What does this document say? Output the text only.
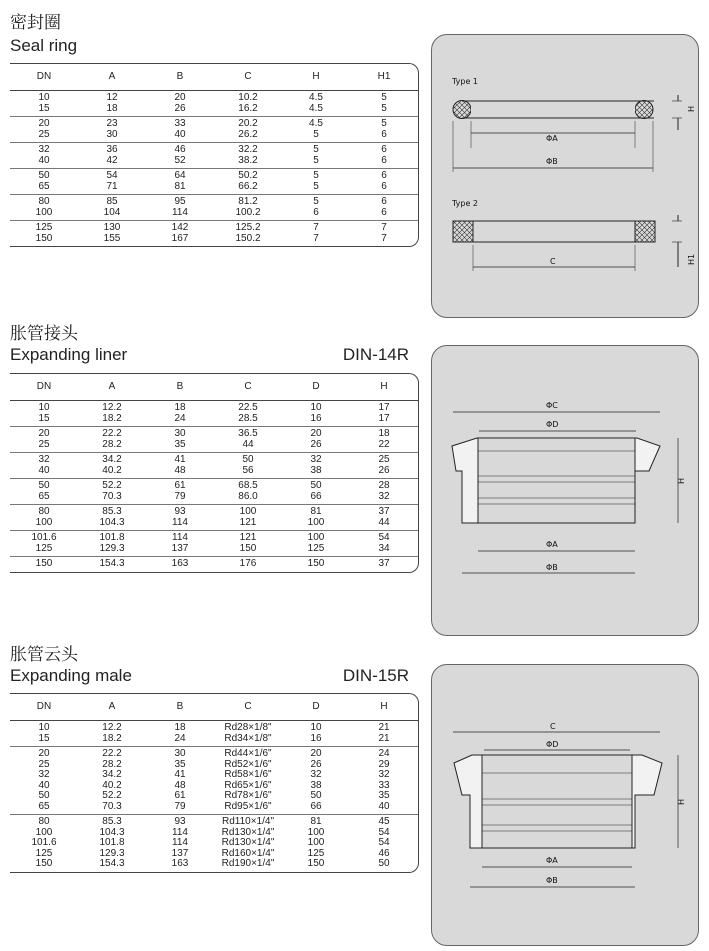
密封圈
Seal ring
DN	A	B	C	H	H1
10	12	20	10.2	4.5	5
15	18	26	16.2	4.5	5
20	23	33	20.2	4.5	5
25	30	40	26.2	5	6
32	36	46	32.2	5	6
40	42	52	38.2	5	6
50	54	64	50.2	5	6
65	71	81	66.2	5	6
80	85	95	81.2	5	6
100	104	114	100.2	6	6
125	130	142	125.2	7	7
150	155	167	150.2	7	7
Type 1
H
ΦA
ΦB
Type 2
H1
C
胀管接头
Expanding liner	DIN-14R
DN	A	B	C	D	H
10	12.2	18	22.5	10	17
15	18.2	24	28.5	16	17
20	22.2	30	36.5	20	18
25	28.2	35	44	26	22
32	34.2	41	50	32	25
40	40.2	48	56	38	26
50	52.2	61	68.5	50	28
65	70.3	79	86.0	66	32
80	85.3	93	100	81	37
100	104.3	114	121	100	44
101.6	101.8	114	121	100	54
125	129.3	137	150	125	34
150	154.3	163	176	150	37
ΦC
ΦD
H
ΦA
ΦB
胀管云头
Expanding male	DIN-15R
DN	A	B	C	D	H
10	12.2	18	Rd28×1/8"	10	21
15	18.2	24	Rd34×1/8"	16	21
20	22.2	30	Rd44×1/6"	20	24
25	28.2	35	Rd52×1/6"	26	29
32	34.2	41	Rd58×1/6"	32	32
40	40.2	48	Rd65×1/6"	38	33
50	52.2	61	Rd78×1/6"	50	35
65	70.3	79	Rd95×1/6"	66	40
80	85.3	93	Rd110×1/4"	81	45
100	104.3	114	Rd130×1/4"	100	54
101.6	101.8	114	Rd130×1/4"	100	54
125	129.3	137	Rd160×1/4"	125	46
150	154.3	163	Rd190×1/4"	150	50
C
ΦD
H
ΦA
ΦB
